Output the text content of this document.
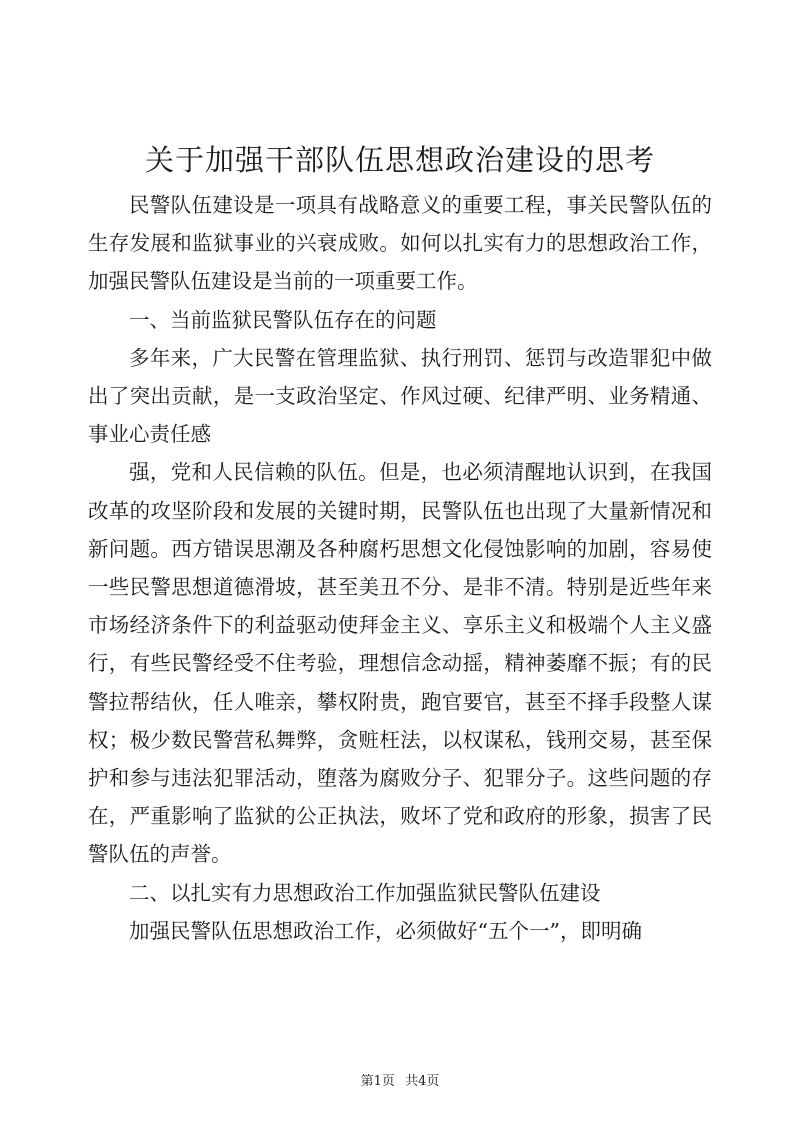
关于加强干部队伍思想政治建设的思考

民警队伍建设是一项具有战略意义的重要工程，事关民警队伍的生存发展和监狱事业的兴衰成败。如何以扎实有力的思想政治工作，加强民警队伍建设是当前的一项重要工作。

一、当前监狱民警队伍存在的问题

多年来，广大民警在管理监狱、执行刑罚、惩罚与改造罪犯中做出了突出贡献，是一支政治坚定、作风过硬、纪律严明、业务精通、事业心责任感

强，党和人民信赖的队伍。但是，也必须清醒地认识到，在我国改革的攻坚阶段和发展的关键时期，民警队伍也出现了大量新情况和新问题。西方错误思潮及各种腐朽思想文化侵蚀影响的加剧，容易使一些民警思想道德滑坡，甚至美丑不分、是非不清。特别是近些年来市场经济条件下的利益驱动使拜金主义、享乐主义和极端个人主义盛行，有些民警经受不住考验，理想信念动摇，精神萎靡不振；有的民警拉帮结伙，任人唯亲，攀权附贵，跑官要官，甚至不择手段整人谋权；极少数民警营私舞弊，贪赃枉法，以权谋私，钱刑交易，甚至保护和参与违法犯罪活动，堕落为腐败分子、犯罪分子。这些问题的存在，严重影响了监狱的公正执法，败坏了党和政府的形象，损害了民警队伍的声誉。

二、以扎实有力思想政治工作加强监狱民警队伍建设

加强民警队伍思想政治工作，必须做好“五个一”，即明确

第1页 共4页
